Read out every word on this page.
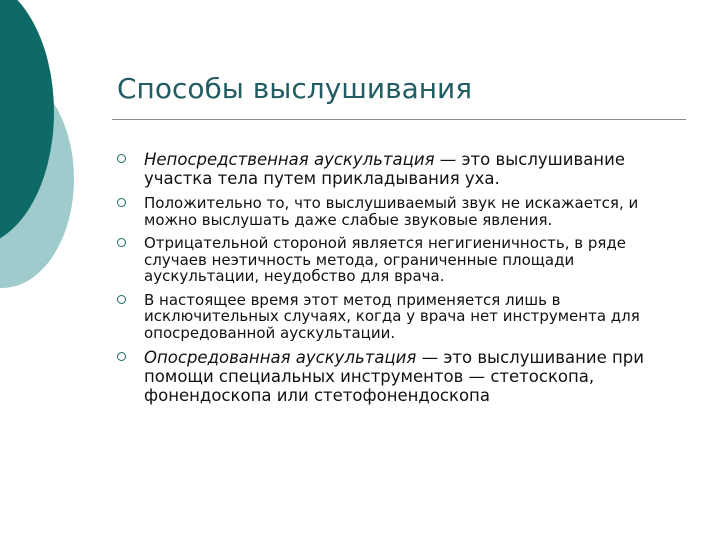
Способы выслушивания
Непосредственная аускультация — это выслушивание участка тела путем прикладывания уха.
Положительно то, что выслушиваемый звук не искажается, и можно выслушать даже слабые звуковые явления.
Отрицательной стороной является негигиеничность, в ряде случаев неэтичность метода, ограниченные площади аускультации, неудобство для врача.
В настоящее время этот метод применяется лишь в исключительных случаях, когда у врача нет инструмента для опосредованной аускультации.
Опосредованная аускультация — это выслушивание при помощи специальных инструментов — стетоскопа, фонендоскопа или стетофонендоскопа
